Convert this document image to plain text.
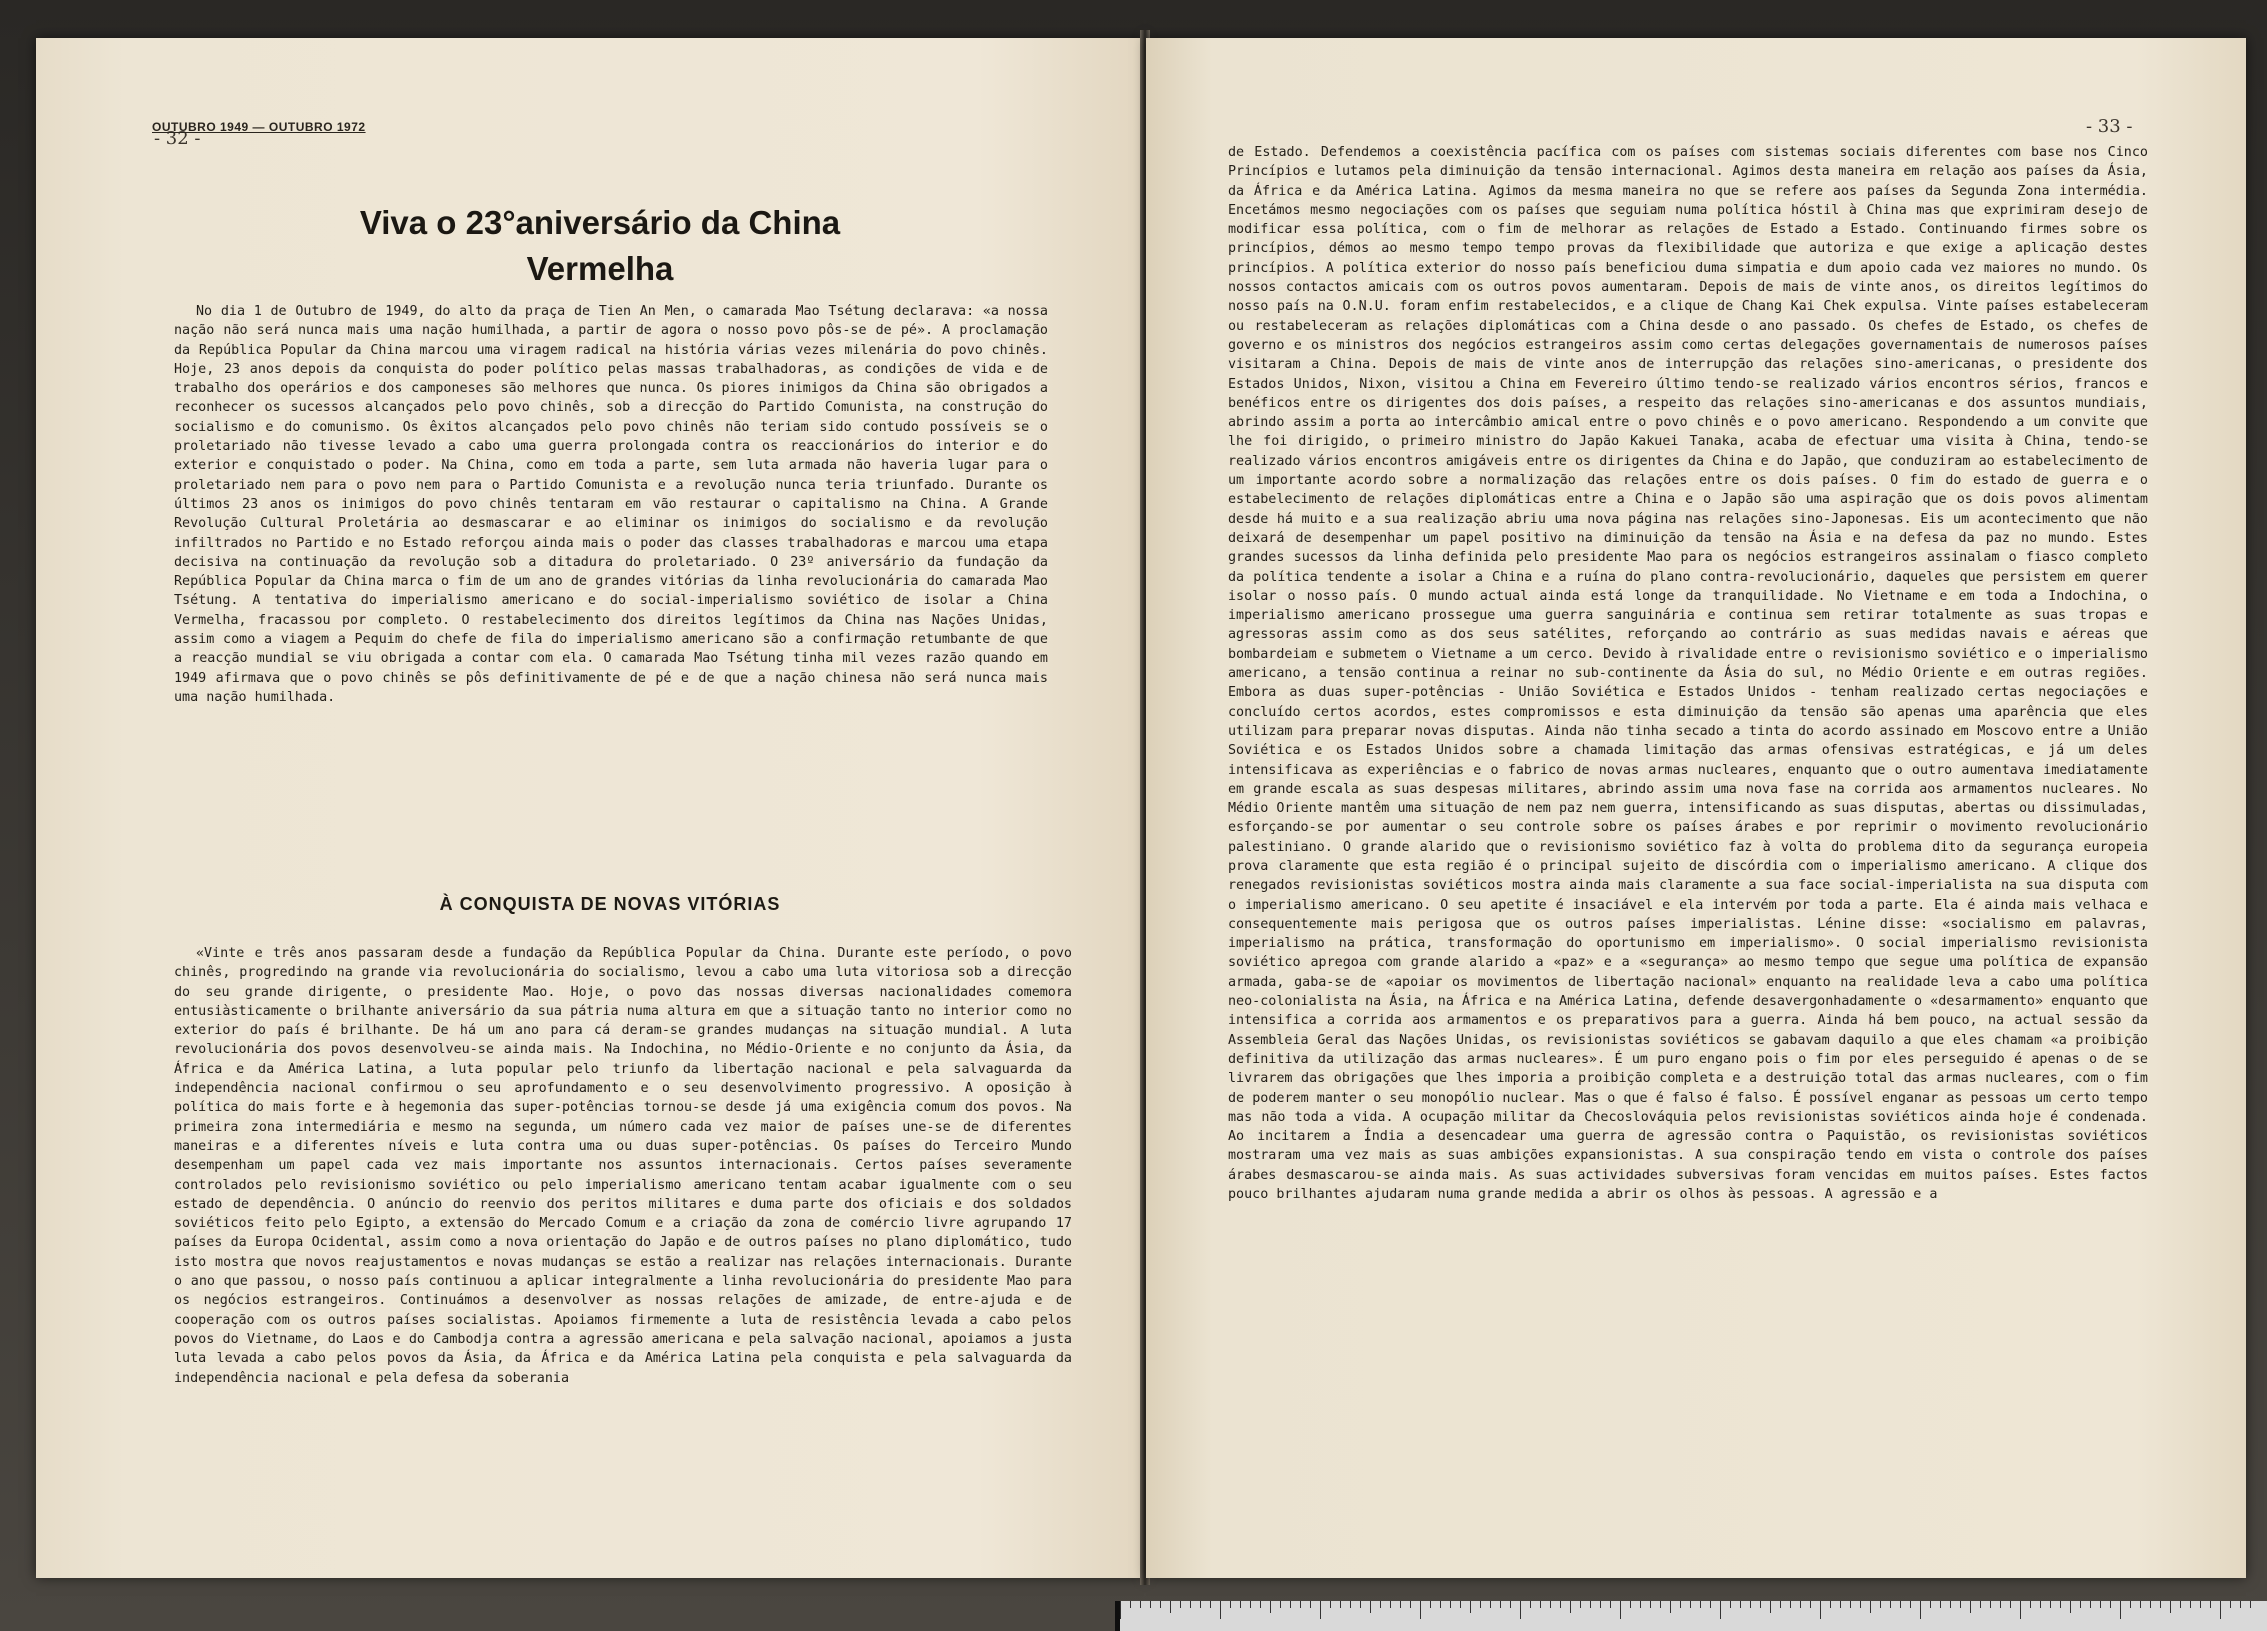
- 32 -
OUTUBRO 1949 — OUTUBRO 1972
Viva o 23°aniversário da China Vermelha

No dia 1 de Outubro de 1949, do alto da praça de Tien An Men, o camarada Mao Tsétung declarava: «a nossa nação não será nunca mais uma nação humilhada, a partir de agora o nosso povo pôs-se de pé». A proclamação da República Popular da China marcou uma viragem radical na história várias vezes milenária do povo chinês. Hoje, 23 anos depois da conquista do poder político pelas massas trabalhadoras, as condições de vida e de trabalho dos operários e dos camponeses são melhores que nunca. Os piores inimigos da China são obrigados a reconhecer os sucessos alcançados pelo povo chinês, sob a direcção do Partido Comunista, na construção do socialismo e do comunismo. Os êxitos alcançados pelo povo chinês não teriam sido contudo possíveis se o proletariado não tivesse levado a cabo uma guerra prolongada contra os reaccionários do interior e do exterior e conquistado o poder. Na China, como em toda a parte, sem luta armada não haveria lugar para o proletariado nem para o povo nem para o Partido Comunista e a revolução nunca teria triunfado. Durante os últimos 23 anos os inimigos do povo chinês tentaram em vão restaurar o capitalismo na China. A Grande Revolução Cultural Proletária ao desmascarar e ao eliminar os inimigos do socialismo e da revolução infiltrados no Partido e no Estado reforçou ainda mais o poder das classes trabalhadoras e marcou uma etapa decisiva na continuação da revolução sob a ditadura do proletariado. O 23º aniversário da fundação da República Popular da China marca o fim de um ano de grandes vitórias da linha revolucionária do camarada Mao Tsétung. A tentativa do imperialismo americano e do social-imperialismo soviético de isolar a China Vermelha, fracassou por completo. O restabelecimento dos direitos legítimos da China nas Nações Unidas, assim como a viagem a Pequim do chefe de fila do imperialismo americano são a confirmação retumbante de que a reacção mundial se viu obrigada a contar com ela. O camarada Mao Tsétung tinha mil vezes razão quando em 1949 afirmava que o povo chinês se pôs definitivamente de pé e de que a nação chinesa não será nunca mais uma nação humilhada.

À CONQUISTA DE NOVAS VITÓRIAS

«Vinte e três anos passaram desde a fundação da República Popular da China. Durante este período, o povo chinês, progredindo na grande via revolucionária do socialismo, levou a cabo uma luta vitoriosa sob a direcção do seu grande dirigente, o presidente Mao. Hoje, o povo das nossas diversas nacionalidades comemora entusiàsticamente o brilhante aniversário da sua pátria numa altura em que a situação tanto no interior como no exterior do país é brilhante. De há um ano para cá deram-se grandes mudanças na situação mundial. A luta revolucionária dos povos desenvolveu-se ainda mais. Na Indochina, no Médio-Oriente e no conjunto da Ásia, da África e da América Latina, a luta popular pelo triunfo da libertação nacional e pela salvaguarda da independência nacional confirmou o seu aprofundamento e o seu desenvolvimento progressivo. A oposição à política do mais forte e à hegemonia das super-potências tornou-se desde já uma exigência comum dos povos. Na primeira zona intermediária e mesmo na segunda, um número cada vez maior de países une-se de diferentes maneiras e a diferentes níveis e luta contra uma ou duas super-potências. Os países do Terceiro Mundo desempenham um papel cada vez mais importante nos assuntos internacionais. Certos países severamente controlados pelo revisionismo soviético ou pelo imperialismo americano tentam acabar igualmente com o seu estado de dependência. O anúncio do reenvio dos peritos militares e duma parte dos oficiais e dos soldados soviéticos feito pelo Egipto, a extensão do Mercado Comum e a criação da zona de comércio livre agrupando 17 países da Europa Ocidental, assim como a nova orientação do Japão e de outros países no plano diplomático, tudo isto mostra que novos reajustamentos e novas mudanças se estão a realizar nas relações internacionais. Durante o ano que passou, o nosso país continuou a aplicar integralmente a linha revolucionária do presidente Mao para os negócios estrangeiros. Continuámos a desenvolver as nossas relações de amizade, de entre-ajuda e de cooperação com os outros países socialistas. Apoiamos firmemente a luta de resistência levada a cabo pelos povos do Vietname, do Laos e do Cambodja contra a agressão americana e pela salvação nacional, apoiamos a justa luta levada a cabo pelos povos da Ásia, da África e da América Latina pela conquista e pela salvaguarda da independência nacional e pela defesa da soberania

- 33 -

de Estado. Defendemos a coexistência pacífica com os países com sistemas sociais diferentes com base nos Cinco Princípios e lutamos pela diminuição da tensão internacional. Agimos desta maneira em relação aos países da Ásia, da África e da América Latina. Agimos da mesma maneira no que se refere aos países da Segunda Zona intermédia. Encetámos mesmo negociações com os países que seguiam numa política hóstil à China mas que exprimiram desejo de modificar essa política, com o fim de melhorar as relações de Estado a Estado. Continuando firmes sobre os princípios, démos ao mesmo tempo tempo provas da flexibilidade que autoriza e que exige a aplicação destes princípios. A política exterior do nosso país beneficiou duma simpatia e dum apoio cada vez maiores no mundo. Os nossos contactos amicais com os outros povos aumentaram. Depois de mais de vinte anos, os direitos legítimos do nosso país na O.N.U. foram enfim restabelecidos, e a clique de Chang Kai Chek expulsa. Vinte países estabeleceram ou restabeleceram as relações diplomáticas com a China desde o ano passado. Os chefes de Estado, os chefes de governo e os ministros dos negócios estrangeiros assim como certas delegações governamentais de numerosos países visitaram a China. Depois de mais de vinte anos de interrupção das relações sino-americanas, o presidente dos Estados Unidos, Nixon, visitou a China em Fevereiro último tendo-se realizado vários encontros sérios, francos e benéficos entre os dirigentes dos dois países, a respeito das relações sino-americanas e dos assuntos mundiais, abrindo assim a porta ao intercâmbio amical entre o povo chinês e o povo americano. Respondendo a um convite que lhe foi dirigido, o primeiro ministro do Japão Kakuei Tanaka, acaba de efectuar uma visita à China, tendo-se realizado vários encontros amigáveis entre os dirigentes da China e do Japão, que conduziram ao estabelecimento de um importante acordo sobre a normalização das relações entre os dois países. O fim do estado de guerra e o estabelecimento de relações diplomáticas entre a China e o Japão são uma aspiração que os dois povos alimentam desde há muito e a sua realização abriu uma nova página nas relações sino-Japonesas. Eis um acontecimento que não deixará de desempenhar um papel positivo na diminuição da tensão na Ásia e na defesa da paz no mundo. Estes grandes sucessos da linha definida pelo presidente Mao para os negócios estrangeiros assinalam o fiasco completo da política tendente a isolar a China e a ruína do plano contra-revolucionário, daqueles que persistem em querer isolar o nosso país. O mundo actual ainda está longe da tranquilidade. No Vietname e em toda a Indochina, o imperialismo americano prossegue uma guerra sanguinária e continua sem retirar totalmente as suas tropas e agressoras assim como as dos seus satélites, reforçando ao contrário as suas medidas navais e aéreas que bombardeiam e submetem o Vietname a um cerco. Devido à rivalidade entre o revisionismo soviético e o imperialismo americano, a tensão continua a reinar no sub-continente da Ásia do sul, no Médio Oriente e em outras regiões. Embora as duas super-potências - União Soviética e Estados Unidos - tenham realizado certas negociações e concluído certos acordos, estes compromissos e esta diminuição da tensão são apenas uma aparência que eles utilizam para preparar novas disputas. Ainda não tinha secado a tinta do acordo assinado em Moscovo entre a União Soviética e os Estados Unidos sobre a chamada limitação das armas ofensivas estratégicas, e já um deles intensificava as experiências e o fabrico de novas armas nucleares, enquanto que o outro aumentava imediatamente em grande escala as suas despesas militares, abrindo assim uma nova fase na corrida aos armamentos nucleares. No Médio Oriente mantêm uma situação de nem paz nem guerra, intensificando as suas disputas, abertas ou dissimuladas, esforçando-se por aumentar o seu controle sobre os países árabes e por reprimir o movimento revolucionário palestiniano. O grande alarido que o revisionismo soviético faz à volta do problema dito da segurança europeia prova claramente que esta região é o principal sujeito de discórdia com o imperialismo americano. A clique dos renegados revisionistas soviéticos mostra ainda mais claramente a sua face social-imperialista na sua disputa com o imperialismo americano. O seu apetite é insaciável e ela intervém por toda a parte. Ela é ainda mais velhaca e consequentemente mais perigosa que os outros países imperialistas. Lénine disse: «socialismo em palavras, imperialismo na prática, transformação do oportunismo em imperialismo». O social imperialismo revisionista soviético apregoa com grande alarido a «paz» e a «segurança» ao mesmo tempo que segue uma política de expansão armada, gaba-se de «apoiar os movimentos de libertação nacional» enquanto na realidade leva a cabo uma política neo-colonialista na Ásia, na África e na América Latina, defende desavergonhadamente o «desarmamento» enquanto que intensifica a corrida aos armamentos e os preparativos para a guerra. Ainda há bem pouco, na actual sessão da Assembleia Geral das Nações Unidas, os revisionistas soviéticos se gabavam daquilo a que eles chamam «a proibição definitiva da utilização das armas nucleares». É um puro engano pois o fim por eles perseguido é apenas o de se livrarem das obrigações que lhes imporia a proibição completa e a destruição total das armas nucleares, com o fim de poderem manter o seu monopólio nuclear. Mas o que é falso é falso. É possível enganar as pessoas um certo tempo mas não toda a vida. A ocupação militar da Checoslováquia pelos revisionistas soviéticos ainda hoje é condenada. Ao incitarem a Índia a desencadear uma guerra de agressão contra o Paquistão, os revisionistas soviéticos mostraram uma vez mais as suas ambições expansionistas. A sua conspiração tendo em vista o controle dos países árabes desmascarou-se ainda mais. As suas actividades subversivas foram vencidas em muitos países. Estes factos pouco brilhantes ajudaram numa grande medida a abrir os olhos às pessoas. A agressão e a
